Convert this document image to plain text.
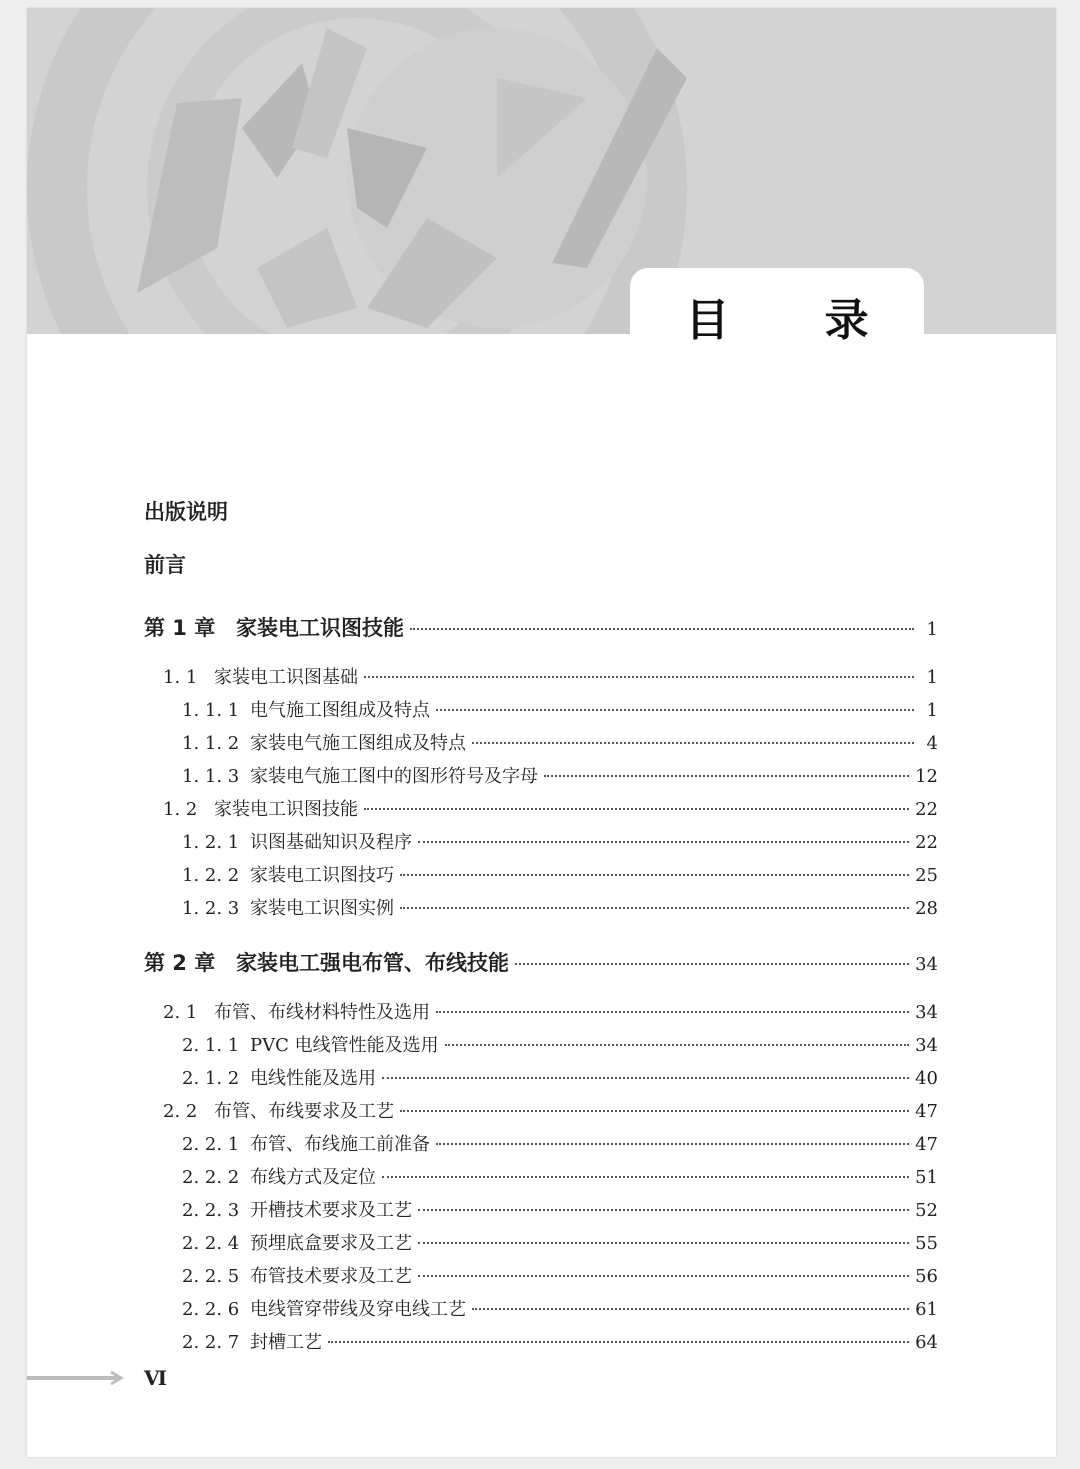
目 录
出版说明
前言
第 1 章 家装电工识图技能	1
1. 1 家装电工识图基础	1
1. 1. 1 电气施工图组成及特点	1
1. 1. 2 家装电气施工图组成及特点	4
1. 1. 3 家装电气施工图中的图形符号及字母	12
1. 2 家装电工识图技能	22
1. 2. 1 识图基础知识及程序	22
1. 2. 2 家装电工识图技巧	25
1. 2. 3 家装电工识图实例	28
第 2 章 家装电工强电布管、布线技能	34
2. 1 布管、布线材料特性及选用	34
2. 1. 1 PVC 电线管性能及选用	34
2. 1. 2 电线性能及选用	40
2. 2 布管、布线要求及工艺	47
2. 2. 1 布管、布线施工前准备	47
2. 2. 2 布线方式及定位	51
2. 2. 3 开槽技术要求及工艺	52
2. 2. 4 预埋底盒要求及工艺	55
2. 2. 5 布管技术要求及工艺	56
2. 2. 6 电线管穿带线及穿电线工艺	61
2. 2. 7 封槽工艺	64
Ⅵ
